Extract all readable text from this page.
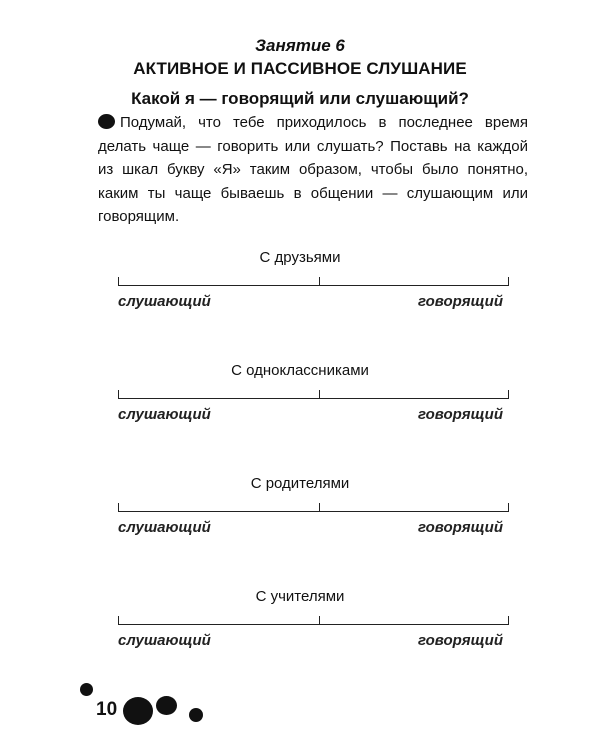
Занятие 6
АКТИВНОЕ И ПАССИВНОЕ СЛУШАНИЕ
Какой я — говорящий или слушающий?
Подумай, что тебе приходилось в последнее время делать чаще — говорить или слушать? Поставь на каждой из шкал букву «Я» таким образом, чтобы было понятно, каким ты чаще бываешь в общении — слушающим или говорящим.
С друзьями
слушающий	говорящий
С одноклассниками
слушающий	говорящий
С родителями
слушающий	говорящий
С учителями
слушающий	говорящий
10
